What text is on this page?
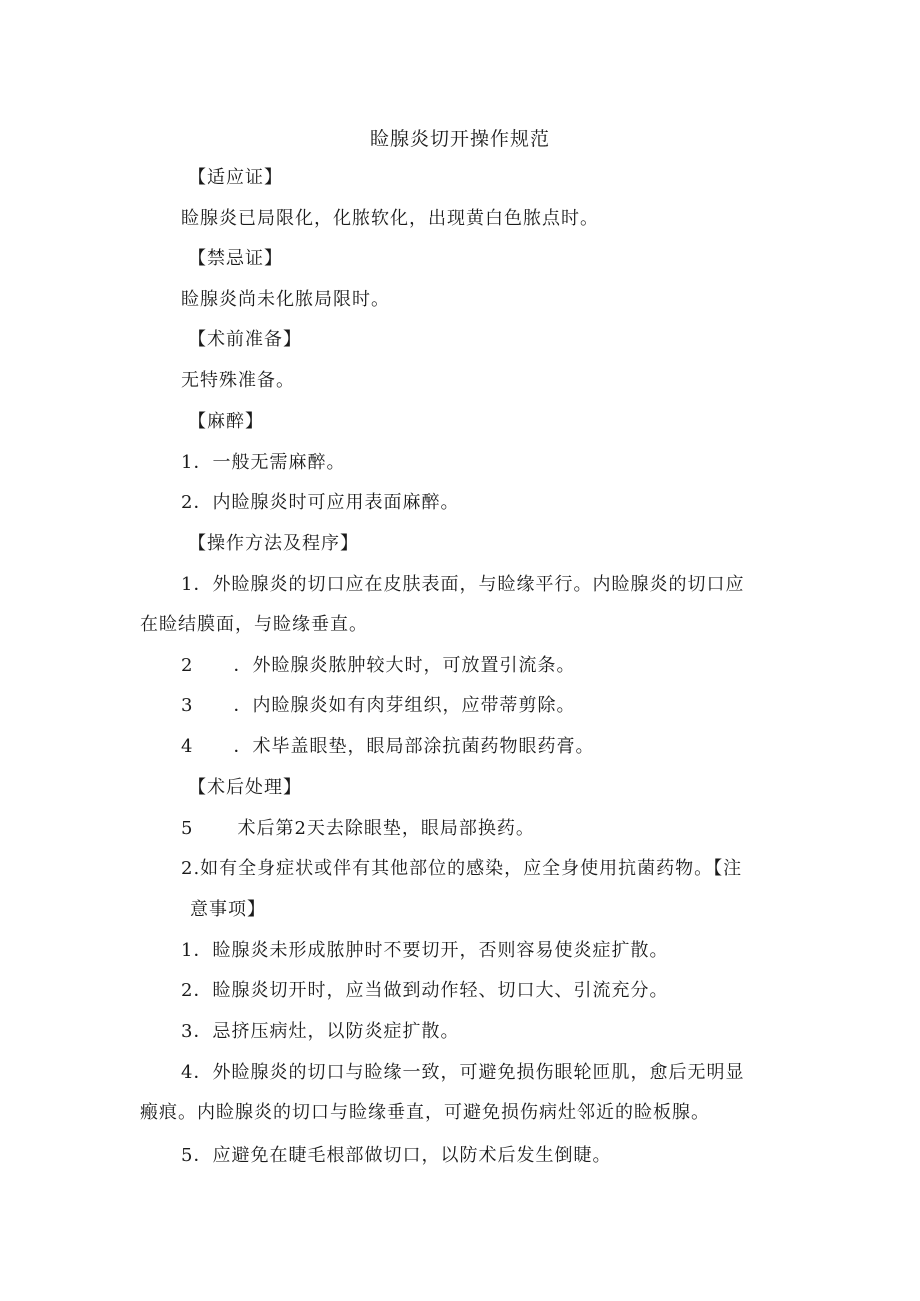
睑腺炎切开操作规范
【适应证】
睑腺炎已局限化，化脓软化，出现黄白色脓点时。
【禁忌证】
睑腺炎尚未化脓局限时。
【术前准备】
无特殊准备。
【麻醉】
1．一般无需麻醉。
2．内睑腺炎时可应用表面麻醉。
【操作方法及程序】
1．外睑腺炎的切口应在皮肤表面，与睑缘平行。内睑腺炎的切口应
在睑结膜面，与睑缘垂直。
2 ．外睑腺炎脓肿较大时，可放置引流条。
3 ．内睑腺炎如有肉芽组织，应带蒂剪除。
4 ．术毕盖眼垫，眼局部涂抗菌药物眼药膏。
【术后处理】
5 术后第2天去除眼垫，眼局部换药。
2.如有全身症状或伴有其他部位的感染，应全身使用抗菌药物。【注
意事项】
1．睑腺炎未形成脓肿时不要切开，否则容易使炎症扩散。
2．睑腺炎切开时，应当做到动作轻、切口大、引流充分。
3．忌挤压病灶，以防炎症扩散。
4．外睑腺炎的切口与睑缘一致，可避免损伤眼轮匝肌，愈后无明显
瘢痕。内睑腺炎的切口与睑缘垂直，可避免损伤病灶邻近的睑板腺。
5．应避免在睫毛根部做切口，以防术后发生倒睫。
